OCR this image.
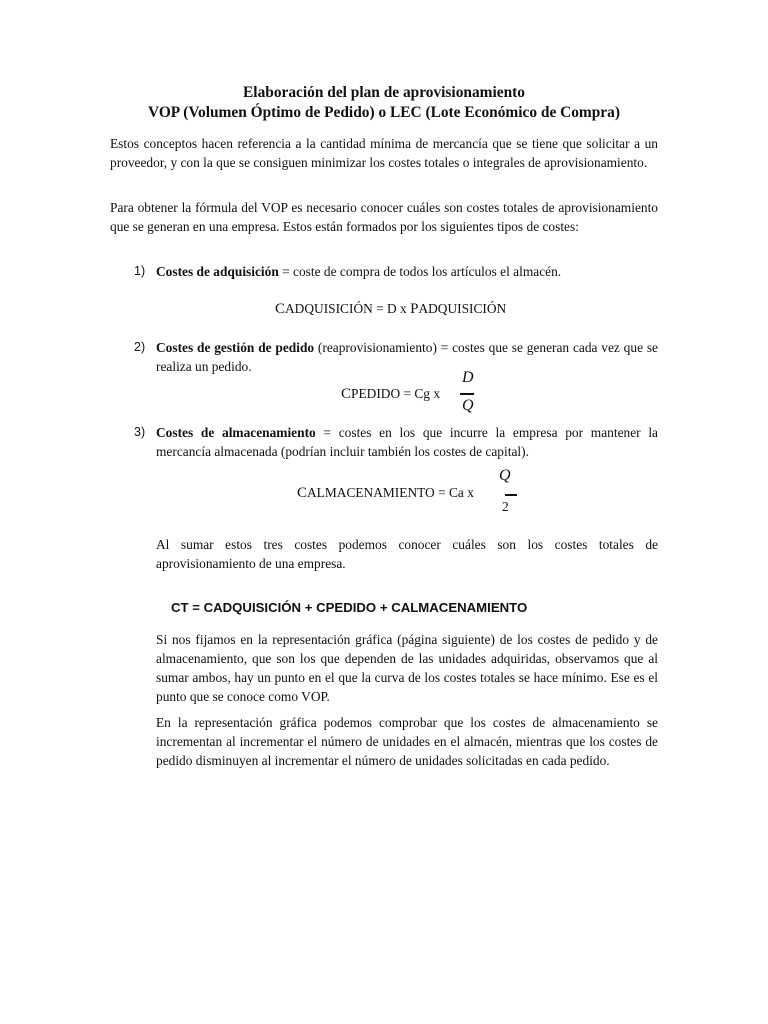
Elaboración del plan de aprovisionamiento
VOP (Volumen Óptimo de Pedido) o LEC (Lote Económico de Compra)

Estos conceptos hacen referencia a la cantidad mínima de mercancía que se tiene que solicitar a un proveedor, y con la que se consiguen minimizar los costes totales o integrales de aprovisionamiento.

Para obtener la fórmula del VOP es necesario conocer cuáles son costes totales de aprovisionamiento que se generan en una empresa. Estos están formados por los siguientes tipos de costes:

1) Costes de adquisición = coste de compra de todos los artículos el almacén.
CADQUISICIÓN = D x PADQUISICIÓN
2) Costes de gestión de pedido (reaprovisionamiento) = costes que se generan cada vez que se realiza un pedido.
CPEDIDO = Cg x
D
Q
3) Costes de almacenamiento = costes en los que incurre la empresa por mantener la mercancía almacenada (podrían incluir también los costes de capital).
CALMACENAMIENTO = Ca x
Q
2

Al sumar estos tres costes podemos conocer cuáles son los costes totales de aprovisionamiento de una empresa.

CT = CADQUISICIÓN + CPEDIDO + CALMACENAMIENTO

Si nos fijamos en la representación gráfica (página siguiente) de los costes de pedido y de almacenamiento, que son los que dependen de las unidades adquiridas, observamos que al sumar ambos, hay un punto en el que la curva de los costes totales se hace mínimo. Ese es el punto que se conoce como VOP.

En la representación gráfica podemos comprobar que los costes de almacenamiento se incrementan al incrementar el número de unidades en el almacén, mientras que los costes de pedido disminuyen al incrementar el número de unidades solicitadas en cada pedido.
